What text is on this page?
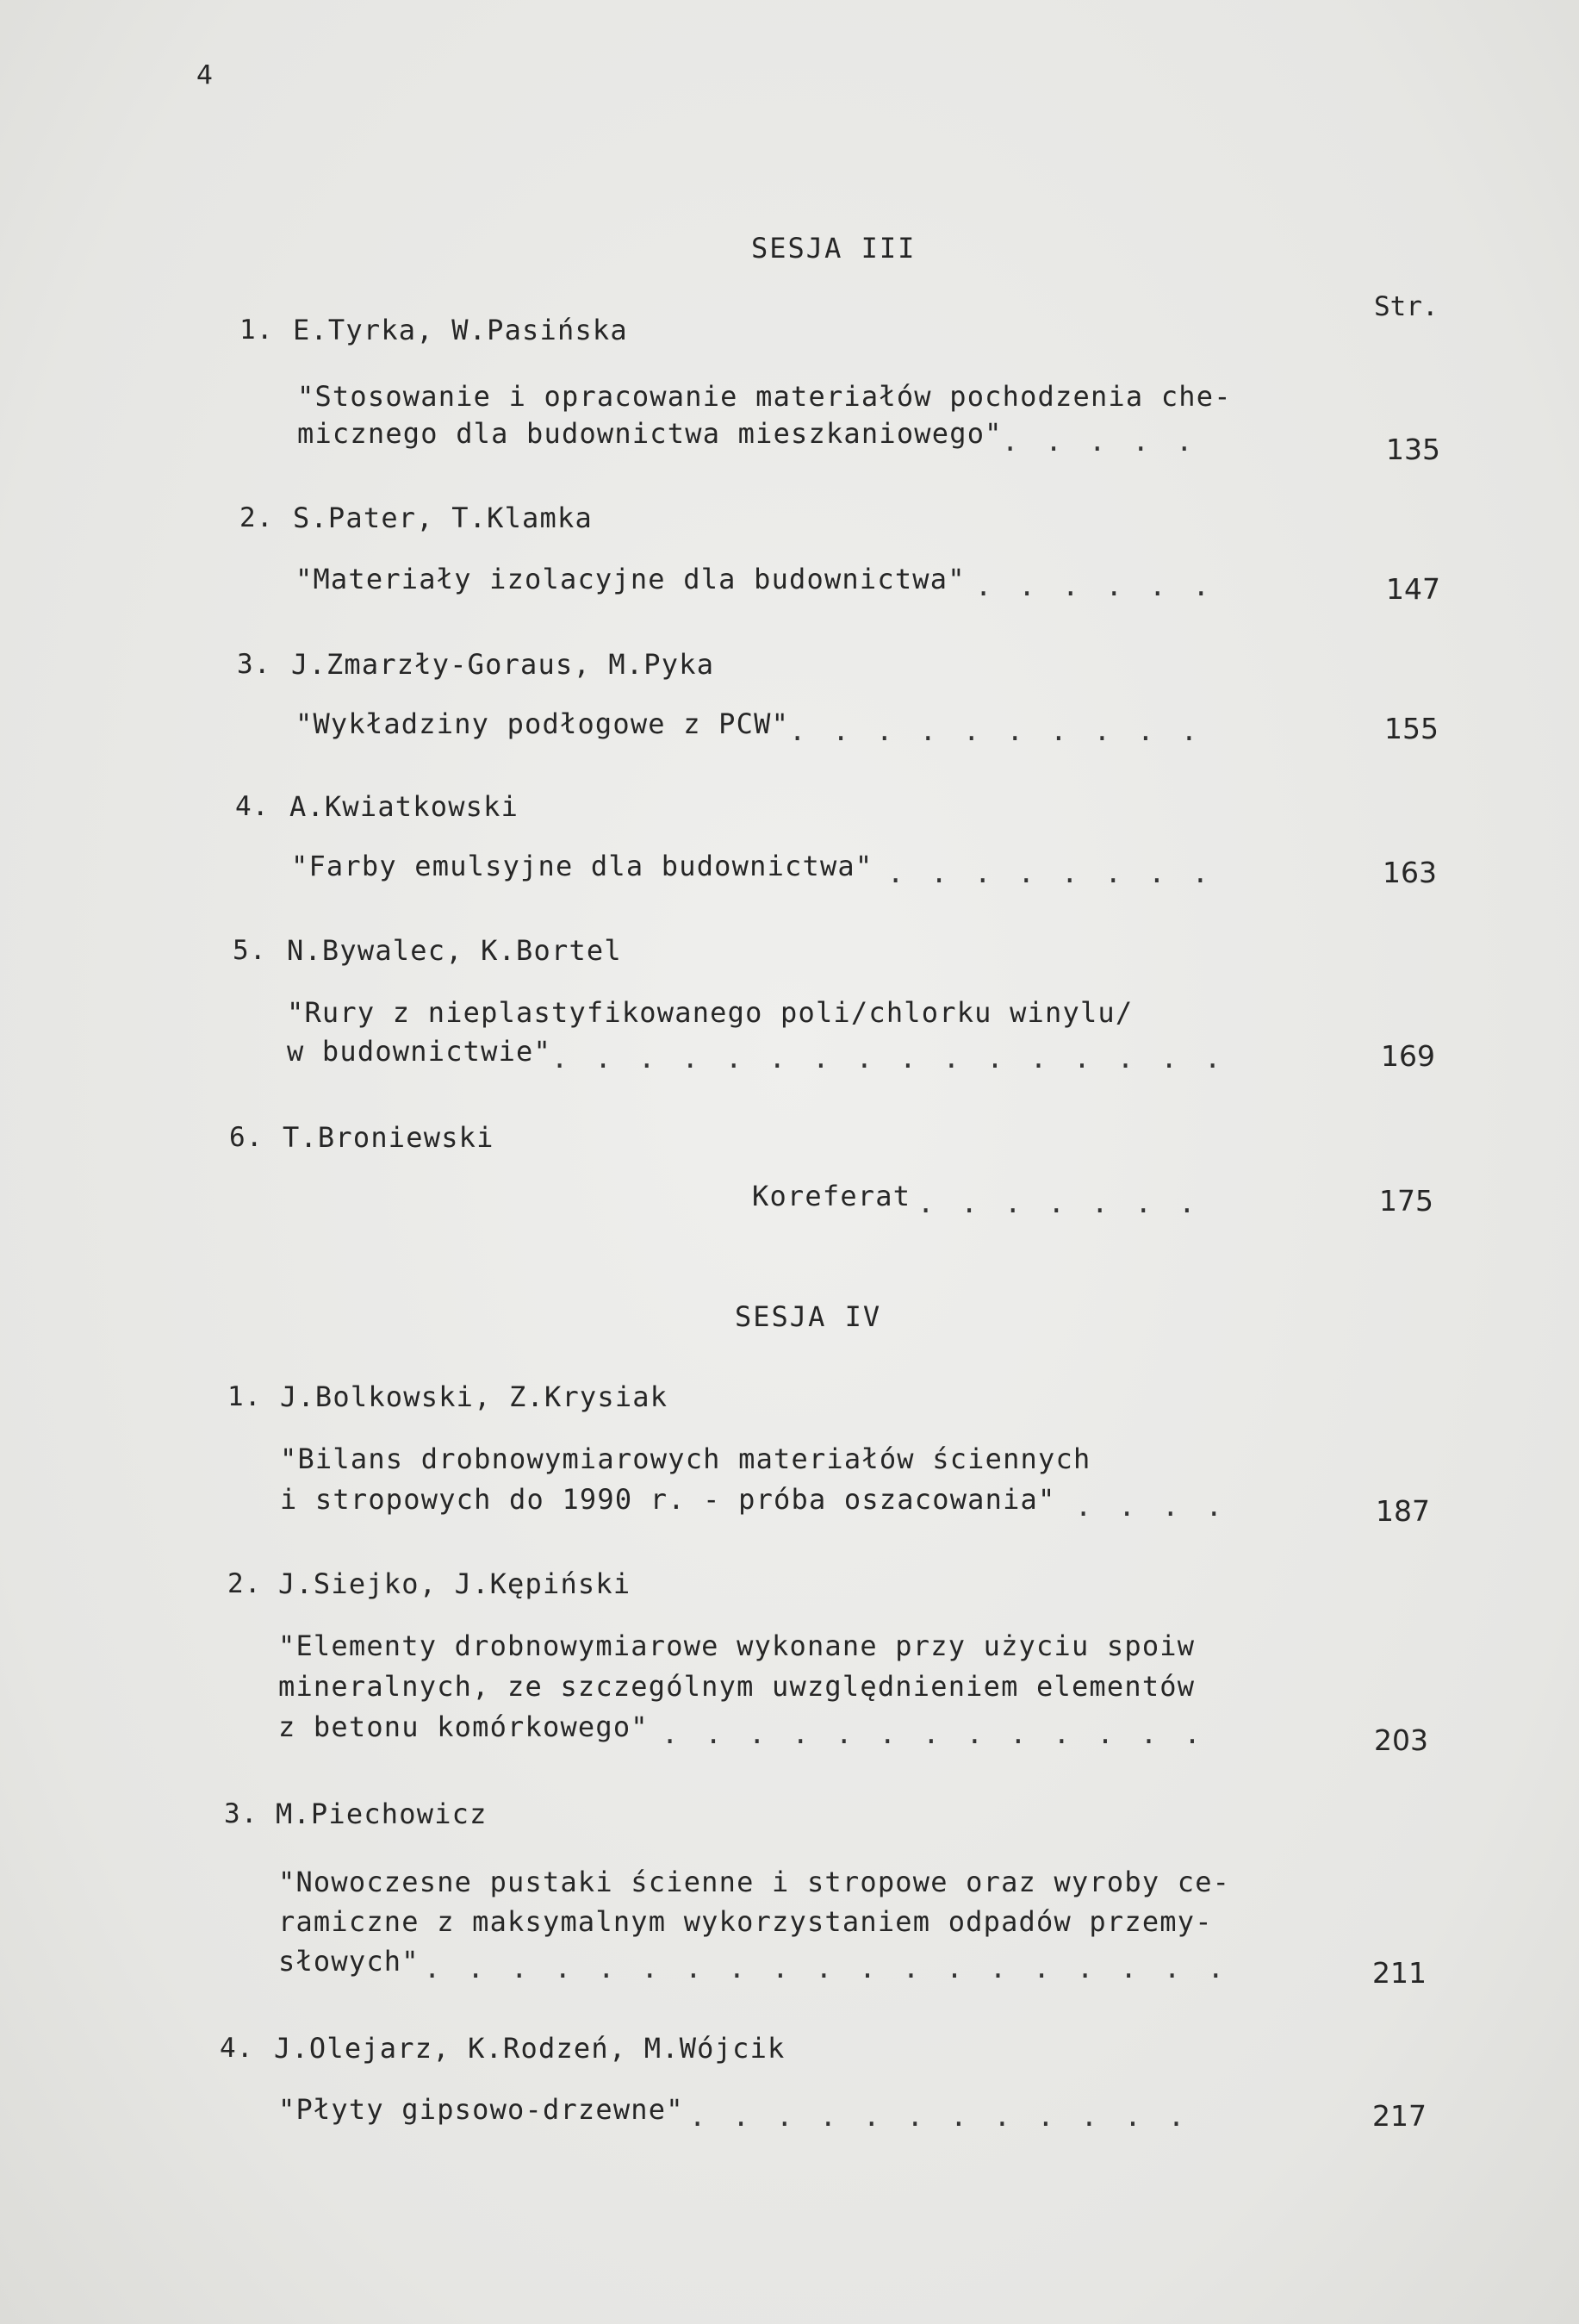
4
SESJA III
Str.
1. E.Tyrka, W.Pasińska
"Stosowanie i opracowanie materiałów pochodzenia che-
micznego dla budownictwa mieszkaniowego" . . .	135
2. S.Pater, T.Klamka
"Materiały izolacyjne dla budownictwa" . . .	147
3. J.Zmarzły-Goraus, M.Pyka
"Wykładziny podłogowe z PCW" . . .	155
4. A.Kwiatkowski
"Farby emulsyjne dla budownictwa" . . .	163
5. N.Bywalec, K.Bortel
"Rury z nieplastyfikowanego poli/chlorku winylu/
w budownictwie" . . .	169
6. T.Broniewski
Koreferat . . .	175
SESJA IV
1. J.Bolkowski, Z.Krysiak
"Bilans drobnowymiarowych materiałów ściennych
i stropowych do 1990 r. - próba oszacowania" . . .	187
2. J.Siejko, J.Kępiński
"Elementy drobnowymiarowe wykonane przy użyciu spoiw
mineralnych, ze szczególnym uwzględnieniem elementów
z betonu komórkowego" . . .	203
3. M.Piechowicz
"Nowoczesne pustaki ścienne i stropowe oraz wyroby ce-
ramiczne z maksymalnym wykorzystaniem odpadów przemy-
słowych" . . .	211
4. J.Olejarz, K.Rodzeń, M.Wójcik
"Płyty gipsowo-drzewne" . . .	217
